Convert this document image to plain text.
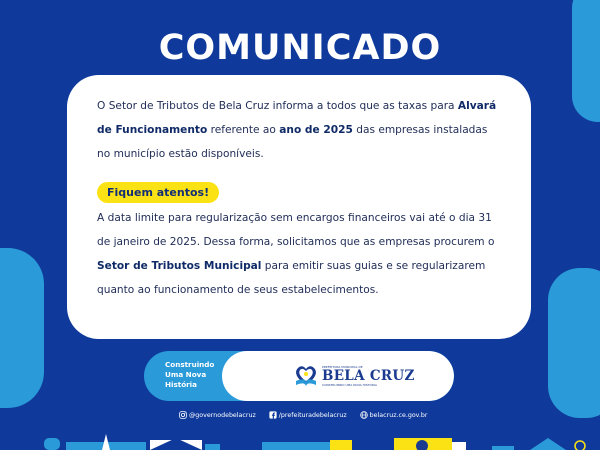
COMUNICADO
O Setor de Tributos de Bela Cruz informa a todos que as taxas para Alvará de Funcionamento referente ao ano de 2025 das empresas instaladas no município estão disponíveis.
Fiquem atentos!
A data limite para regularização sem encargos financeiros vai até o dia 31 de janeiro de 2025. Dessa forma, solicitamos que as empresas procurem o Setor de Tributos Municipal para emitir suas guias e se regularizarem quanto ao funcionamento de seus estabelecimentos.
Construindo
Uma Nova
História
PREFEITURA MUNICIPAL DE
BELA CRUZ
CONSTRUINDO UMA NOVA HISTÓRIA
@governodebelacruz	/prefeituradebelacruz	belacruz.ce.gov.br
